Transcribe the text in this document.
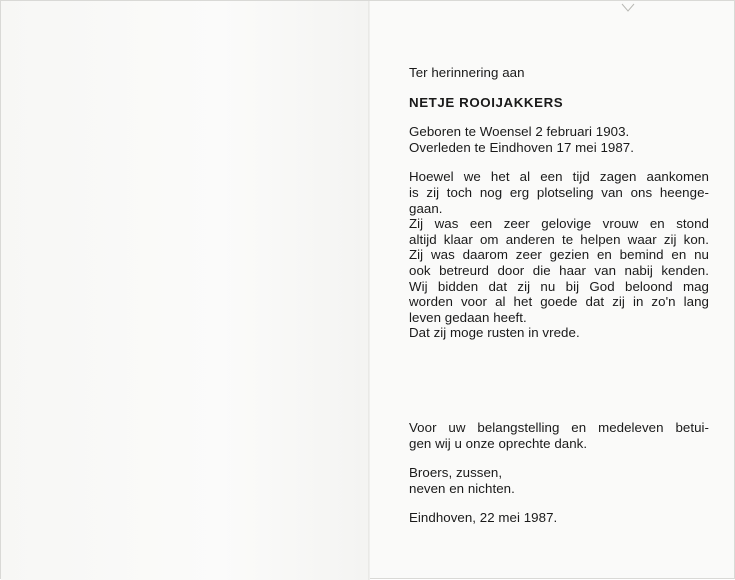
Ter herinnering aan

NETJE ROOIJAKKERS

Geboren te Woensel 2 februari 1903.
Overleden te Eindhoven 17 mei 1987.
Hoewel we het al een tijd zagen aankomen
is zij toch nog erg plotseling van ons heenge-
gaan.
Zij was een zeer gelovige vrouw en stond
altijd klaar om anderen te helpen waar zij kon.
Zij was daarom zeer gezien en bemind en nu
ook betreurd door die haar van nabij kenden.
Wij bidden dat zij nu bij God beloond mag
worden voor al het goede dat zij in zo'n lang
leven gedaan heeft.
Dat zij moge rusten in vrede.
Voor uw belangstelling en medeleven betui-
gen wij u onze oprechte dank.
Broers, zussen,
neven en nichten.

Eindhoven, 22 mei 1987.
